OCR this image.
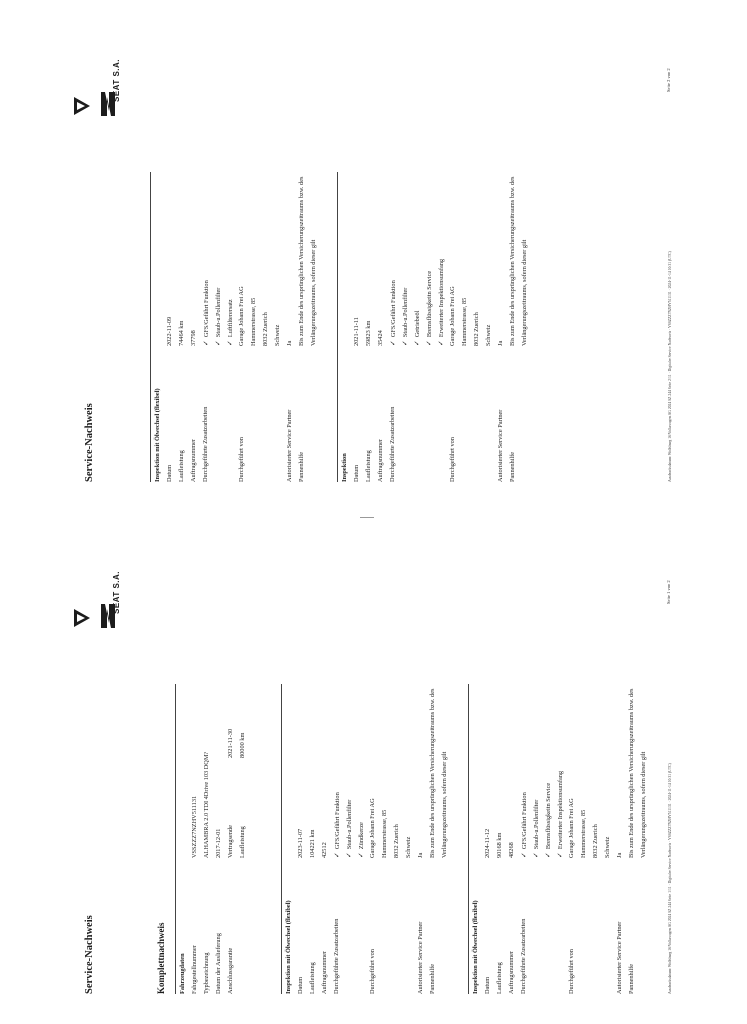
Service-Nachweis
SEAT S.A.
Komplettnachweis Fahrzeugdaten Fahrgestellnummer
VSSZZZ7NZHV511131
Typbezeichnung
ALHAMBRA 2.0 TDI 4Drive 103 DQM?
Datum der Auslieferung
2017-12-01
Anschlussgarantie
Vertragsende
2021-11-30
Laufleistung
80000 km
Inspektion mit Ölwechsel (flexibel) Datum
2023-11-07
Laufleistung
104221 km
Auftragsnummer
42512
Durchgeführte Zusatzarbeiten
✓GFS/Gefährt Funktion
✓Staub-u.Pollenfilter
✓Zündkerze
Durchgeführt von
Garage Johann Frei AG Hammerstrasse, 85 8032 Zuerich Schweiz
Autorisierter Service Partner
Ja
Pannenhilfe
Bis zum Ende des ursprünglichen Versicherungszeitraums bzw. des Verlängerungszeitraums, sofern dieser gilt
Inspektion mit Ölwechsel (flexibel) Datum
2024-11-12
Laufleistung
90168 km
Auftragsnummer
48268
Durchgeführte Zusatzarbeiten
✓GFS/Gefährt Funktion
✓Staub-u.Pollenfilter
✓Bremsflüssigkeitn Service
✓Erweiterter Inspektionsumfang
Durchgeführt von
Garage Johann Frei AG Hammerstrasse, 85 8032 Zuerich Schweiz
Autorisierter Service Partner
Ja
Pannenhilfe
Bis zum Ende des ursprünglichen Versicherungszeitraums bzw. des Verlängerungszeitraums, sofern dieser gilt	Ausdrucksdatum: Wolfsburg 16/Volkswagen AG 2024 SZ 244 Seite 1/11 · Digitaler Service Nachweis · VSSZZZ7NZHV511131 · 2024-11-14 10:31 (UTC)
Seite 1 von 2
Service-Nachweis
SEAT S.A.
Inspektion mit Ölwechsel (flexibel) Datum
2022-11-09
Laufleistung
74464 km
Auftragsnummer
37798
Durchgeführte Zusatzarbeiten
✓GFS/Gefährt Funktion
✓Staub-u.Pollenfilter
✓Luftfilterersatz
Durchgeführt von
Garage Johann Frei AG Hammerstrasse, 85 8032 Zuerich Schweiz
Autorisierter Service Partner
Ja
Pannenhilfe
Bis zum Ende des ursprünglichen Versicherungszeitraums bzw. des Verlängerungszeitraums, sofern dieser gilt
Inspektion Datum
2021-11-11
Laufleistung
59823 km
Auftragsnummer
35424
Durchgeführte Zusatzarbeiten
✓GFS/Gefährt Funktion
✓Staub-u.Pollenfilter
✓Getriebeöl
✓Bremsflüssigkeitn Service
✓Erweiterter Inspektionsumfang
Durchgeführt von
Garage Johann Frei AG Hammerstrasse, 85 8032 Zuerich Schweiz
Autorisierter Service Partner
Ja
Pannenhilfe
Bis zum Ende des ursprünglichen Versicherungszeitraums bzw. des Verlängerungszeitraums, sofern dieser gilt	Ausdrucksdatum: Wolfsburg 16/Volkswagen AG 2024 SZ 244 Seite 2/11 · Digitaler Service Nachweis · VSSZZZ7NZHV511131 · 2024-11-14 10:31 (UTC)
Seite 2 von 2
